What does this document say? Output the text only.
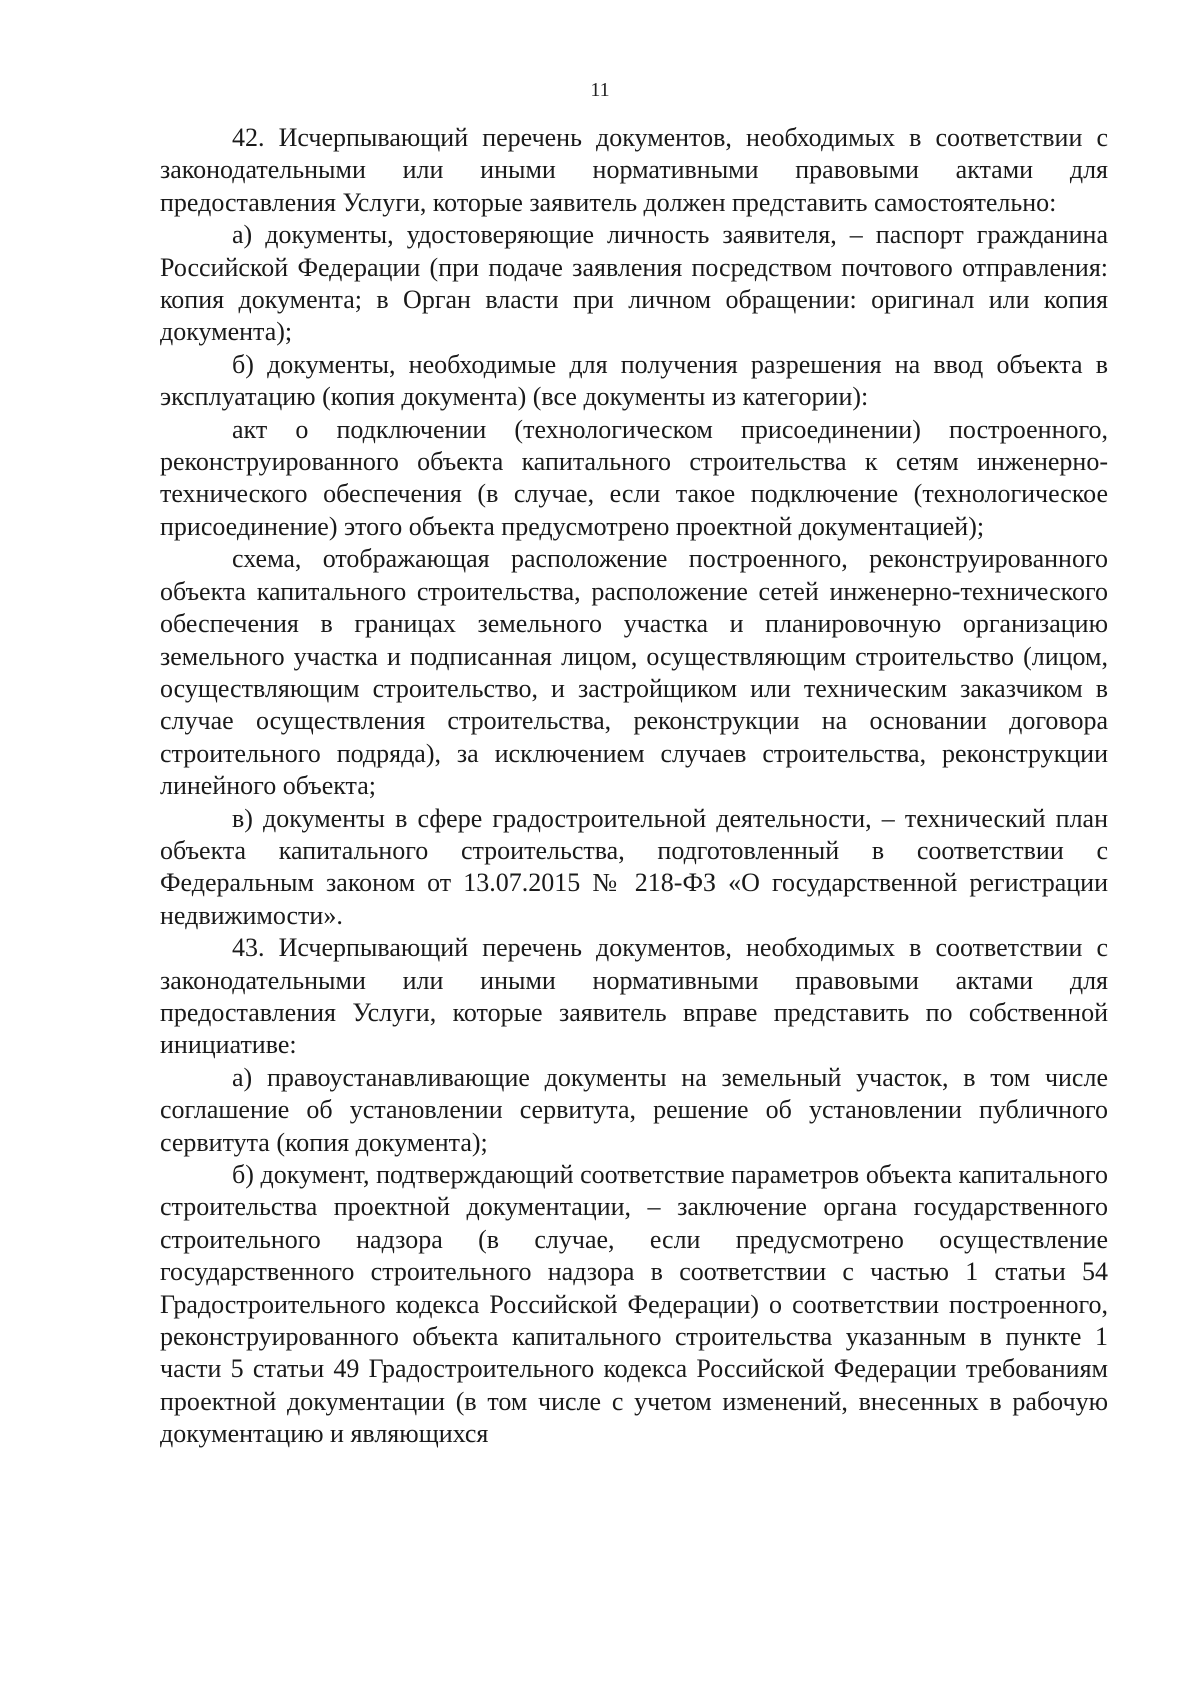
11

42. Исчерпывающий перечень документов, необходимых в соответствии с законодательными или иными нормативными правовыми актами для предоставления Услуги, которые заявитель должен представить самостоятельно:

а) документы, удостоверяющие личность заявителя, – паспорт гражданина Российской Федерации (при подаче заявления посредством почтового отправления: копия документа; в Орган власти при личном обращении: оригинал или копия документа);

б) документы, необходимые для получения разрешения на ввод объекта в эксплуатацию (копия документа) (все документы из категории):

акт о подключении (технологическом присоединении) построенного, реконструированного объекта капитального строительства к сетям инженерно-технического обеспечения (в случае, если такое подключение (технологическое присоединение) этого объекта предусмотрено проектной документацией);

схема, отображающая расположение построенного, реконструированного объекта капитального строительства, расположение сетей инженерно-технического обеспечения в границах земельного участка и планировочную организацию земельного участка и подписанная лицом, осуществляющим строительство (лицом, осуществляющим строительство, и застройщиком или техническим заказчиком в случае осуществления строительства, реконструкции на основании договора строительного подряда), за исключением случаев строительства, реконструкции линейного объекта;

в) документы в сфере градостроительной деятельности, – технический план объекта капитального строительства, подготовленный в соответствии с Федеральным законом от 13.07.2015 № 218-ФЗ «О государственной регистрации недвижимости».

43. Исчерпывающий перечень документов, необходимых в соответствии с законодательными или иными нормативными правовыми актами для предоставления Услуги, которые заявитель вправе представить по собственной инициативе:

а) правоустанавливающие документы на земельный участок, в том числе соглашение об установлении сервитута, решение об установлении публичного сервитута (копия документа);

б) документ, подтверждающий соответствие параметров объекта капитального строительства проектной документации, – заключение органа государственного строительного надзора (в случае, если предусмотрено осуществление государственного строительного надзора в соответствии с частью 1 статьи 54 Градостроительного кодекса Российской Федерации) о соответствии построенного, реконструированного объекта капитального строительства указанным в пункте 1 части 5 статьи 49 Градостроительного кодекса Российской Федерации требованиям проектной документации (в том числе с учетом изменений, внесенных в рабочую документацию и являющихся
